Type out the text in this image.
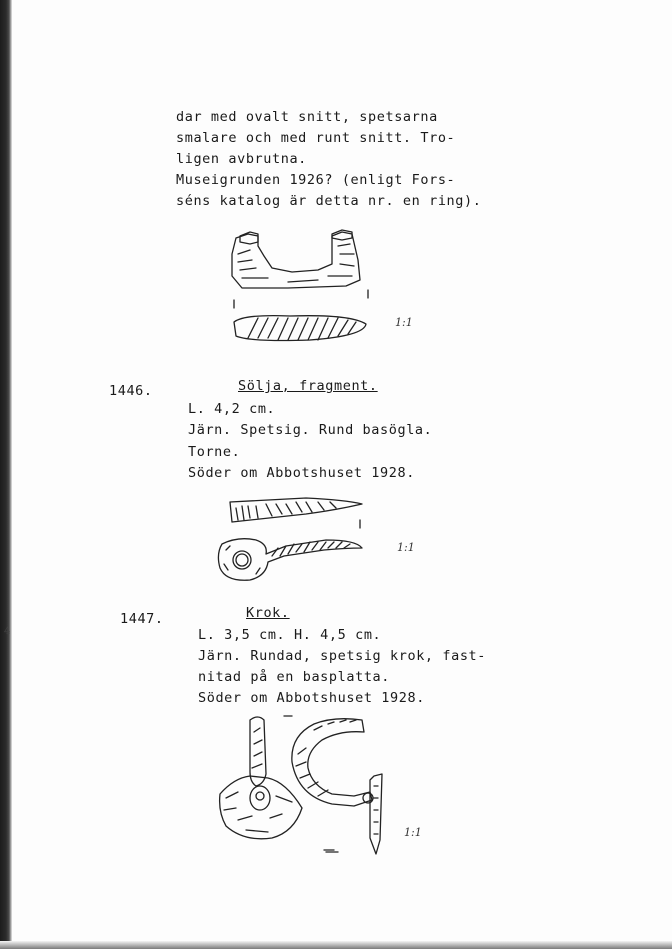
4
dar med ovalt snitt, spetsarna
smalare och med runt snitt. Tro-
ligen avbrutna.
Museigrunden 1926? (enligt Fors-
séns katalog är detta nr. en ring).
1:1
1446.	Sölja, fragment.
L. 4,2 cm.
Järn. Spetsig. Rund basögla.
Torne.
Söder om Abbotshuset 1928.
1:1
1447.	Krok.
L. 3,5 cm. H. 4,5 cm.
Järn. Rundad, spetsig krok, fast-
nitad på en basplatta.
Söder om Abbotshuset 1928.
1:1
